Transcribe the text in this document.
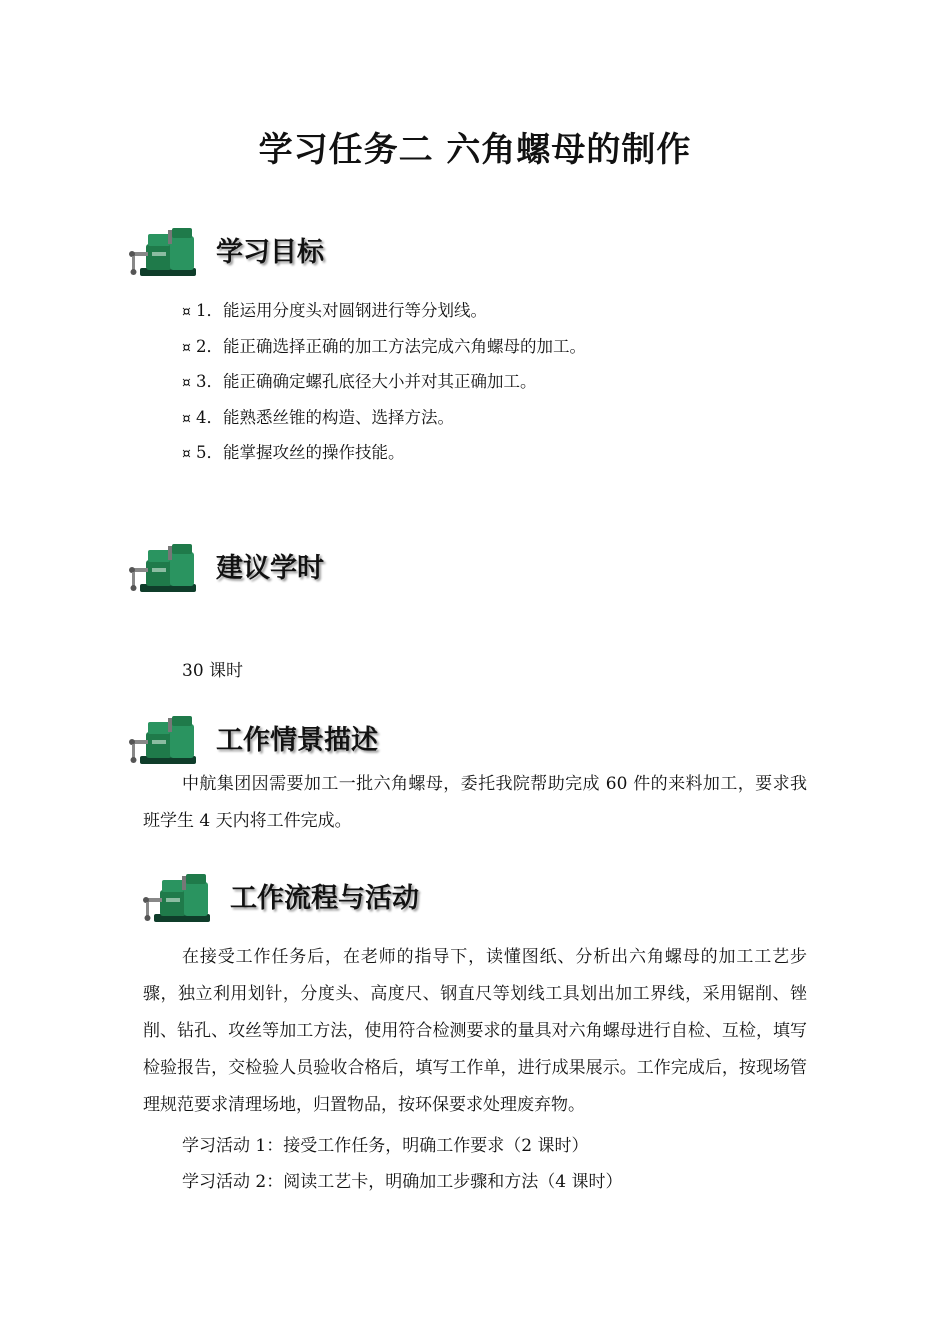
学习任务二 六角螺母的制作
学习目标
¤ 1．能运用分度头对圆钢进行等分划线。
¤ 2．能正确选择正确的加工方法完成六角螺母的加工。
¤ 3．能正确确定螺孔底径大小并对其正确加工。
¤ 4．能熟悉丝锥的构造、选择方法。
¤ 5．能掌握攻丝的操作技能。
建议学时
30 课时
工作情景描述
中航集团因需要加工一批六角螺母，委托我院帮助完成 60 件的来料加工，要求我班学生 4 天内将工件完成。
工作流程与活动
在接受工作任务后，在老师的指导下，读懂图纸、分析出六角螺母的加工工艺步骤，独立利用划针，分度头、高度尺、钢直尺等划线工具划出加工界线，采用锯削、锉削、钻孔、攻丝等加工方法，使用符合检测要求的量具对六角螺母进行自检、互检，填写检验报告，交检验人员验收合格后，填写工作单，进行成果展示。工作完成后，按现场管理规范要求清理场地，归置物品，按环保要求处理废弃物。
学习活动 1：接受工作任务，明确工作要求（2 课时）
学习活动 2：阅读工艺卡，明确加工步骤和方法（4 课时）
